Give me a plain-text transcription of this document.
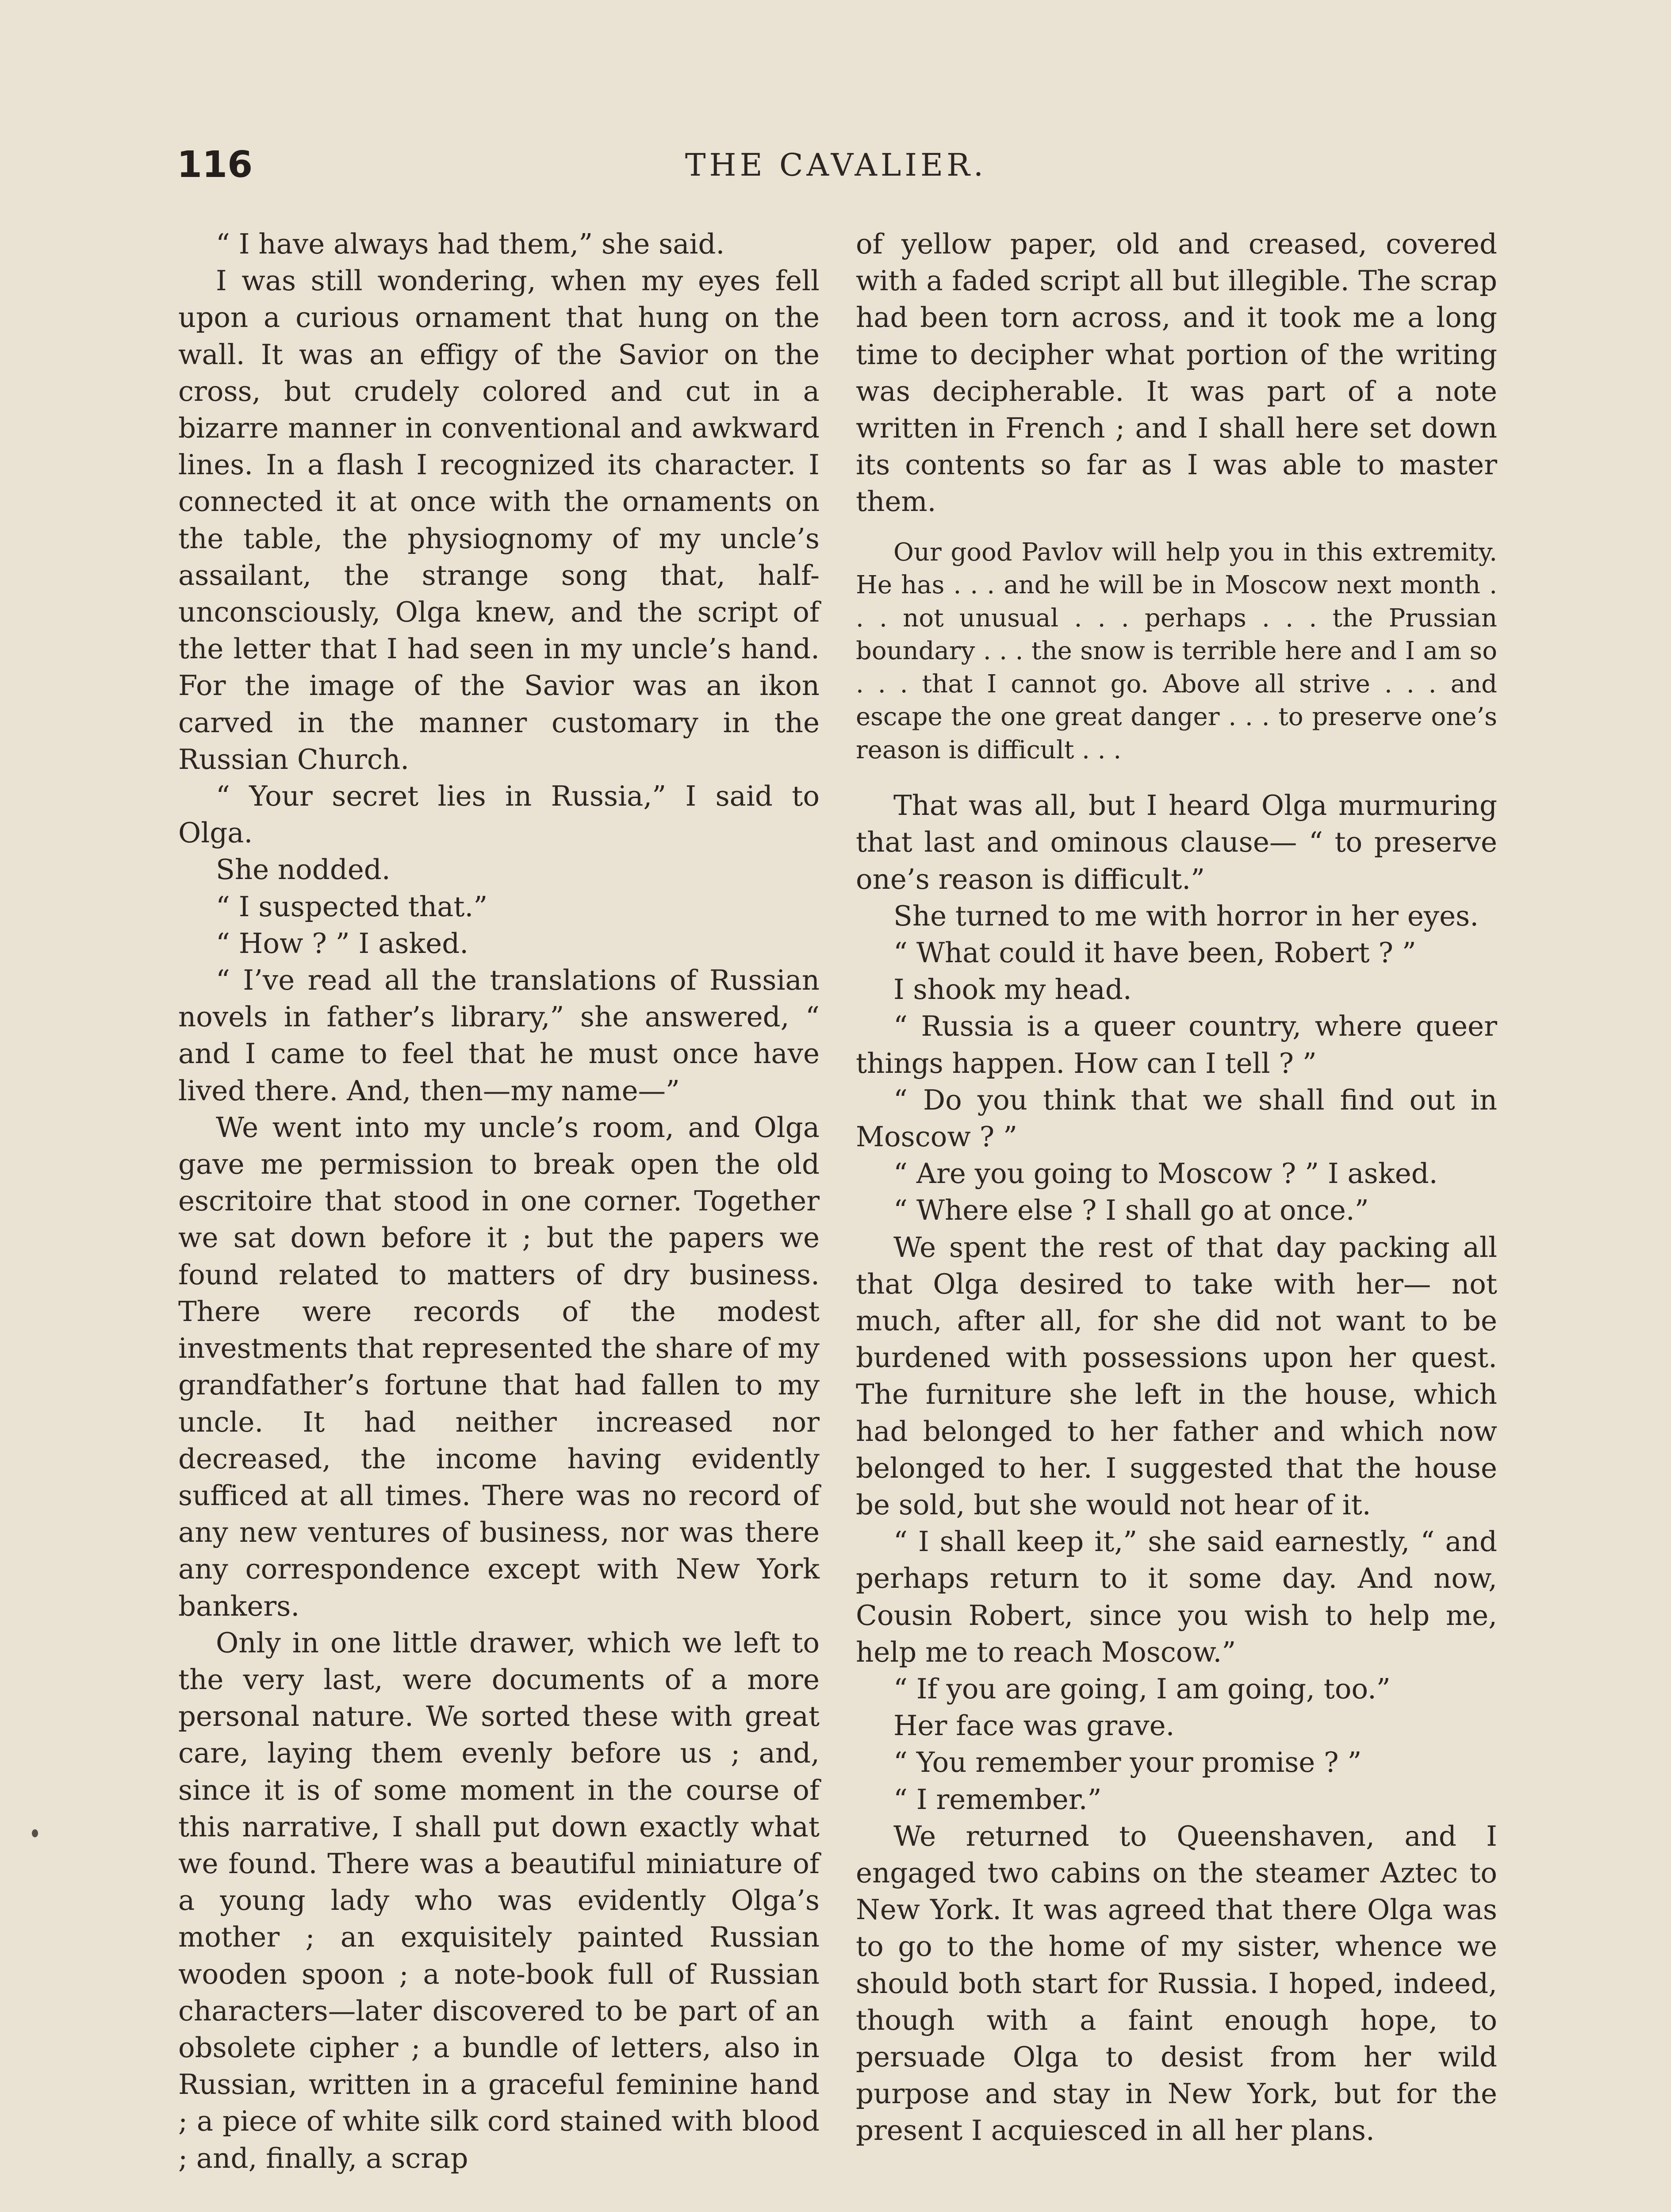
116	THE CAVALIER.

“ I have always had them,” she said.

I was still wondering, when my eyes fell upon a curious ornament that hung on the wall. It was an effigy of the Savior on the cross, but crudely colored and cut in a bizarre manner in conventional and awkward lines. In a flash I recognized its character. I connected it at once with the ornaments on the table, the physiognomy of my uncle’s assailant, the strange song that, half-unconsciously, Olga knew, and the script of the letter that I had seen in my uncle’s hand. For the image of the Savior was an ikon carved in the manner customary in the Russian Church.

“ Your secret lies in Russia,” I said to Olga.

She nodded.

“ I suspected that.”

“ How ? ” I asked.

“ I’ve read all the translations of Russian novels in father’s library,” she answered, “ and I came to feel that he must once have lived there. And, then—my name—”

We went into my uncle’s room, and Olga gave me permission to break open the old escritoire that stood in one corner. Together we sat down before it ; but the papers we found related to matters of dry business. There were records of the modest investments that represented the share of my grandfather’s fortune that had fallen to my uncle. It had neither increased nor decreased, the income having evidently sufficed at all times. There was no record of any new ventures of business, nor was there any correspondence except with New York bankers.

Only in one little drawer, which we left to the very last, were documents of a more personal nature. We sorted these with great care, laying them evenly before us ; and, since it is of some moment in the course of this narrative, I shall put down exactly what we found. There was a beautiful miniature of a young lady who was evidently Olga’s mother ; an exquisitely painted Russian wooden spoon ; a note-book full of Russian characters—later discovered to be part of an obsolete cipher ; a bundle of letters, also in Russian, written in a graceful feminine hand ; a piece of white silk cord stained with blood ; and, finally, a scrap

of yellow paper, old and creased, covered with a faded script all but illegible. The scrap had been torn across, and it took me a long time to decipher what portion of the writing was decipherable. It was part of a note written in French ; and I shall here set down its contents so far as I was able to master them.

Our good Pavlov will help you in this extremity. He has . . . and he will be in Moscow next month . . . not unusual . . . perhaps . . . the Prussian boundary . . . the snow is terrible here and I am so . . . that I cannot go. Above all strive . . . and escape the one great danger . . . to preserve one’s reason is difficult . . .

That was all, but I heard Olga murmuring that last and ominous clause— “ to preserve one’s reason is difficult.”

She turned to me with horror in her eyes.

“ What could it have been, Robert ? ”

I shook my head.

“ Russia is a queer country, where queer things happen. How can I tell ? ”

“ Do you think that we shall find out in Moscow ? ”

“ Are you going to Moscow ? ” I asked.

“ Where else ? I shall go at once.”

We spent the rest of that day packing all that Olga desired to take with her— not much, after all, for she did not want to be burdened with possessions upon her quest. The furniture she left in the house, which had belonged to her father and which now belonged to her. I suggested that the house be sold, but she would not hear of it.

“ I shall keep it,” she said earnestly, “ and perhaps return to it some day. And now, Cousin Robert, since you wish to help me, help me to reach Moscow.”

“ If you are going, I am going, too.”

Her face was grave.

“ You remember your promise ? ”

“ I remember.”

We returned to Queenshaven, and I engaged two cabins on the steamer Aztec to New York. It was agreed that there Olga was to go to the home of my sister, whence we should both start for Russia. I hoped, indeed, though with a faint enough hope, to persuade Olga to desist from her wild purpose and stay in New York, but for the present I acquiesced in all her plans.
